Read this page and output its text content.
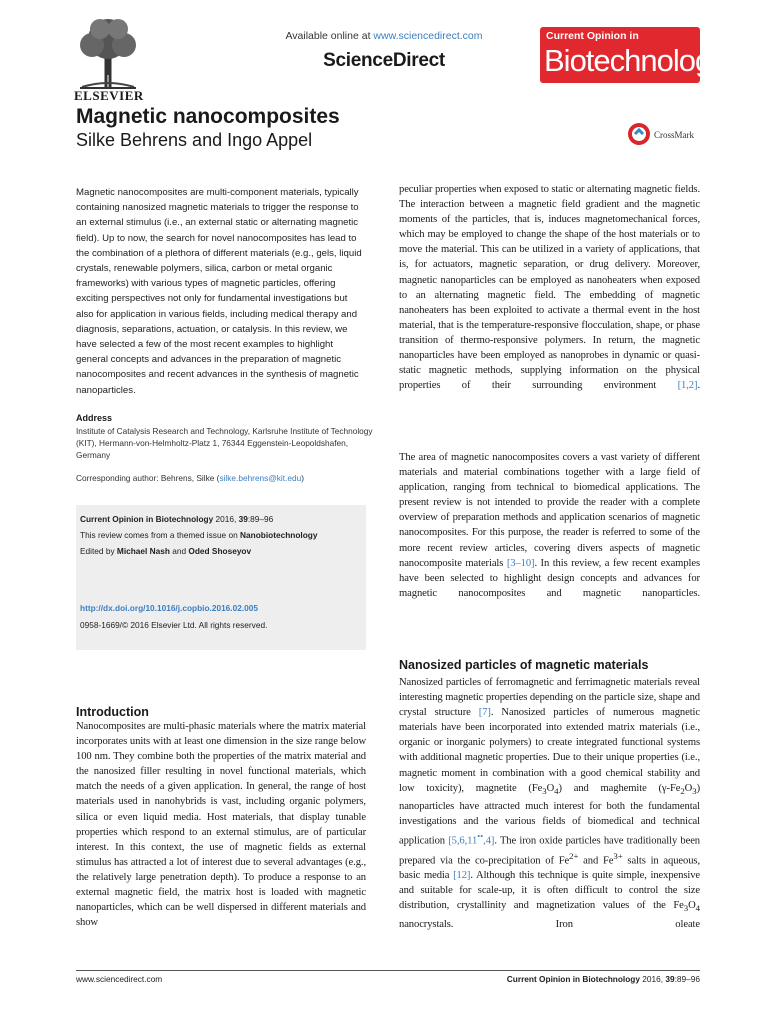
ELSEVIER
Available online at www.sciencedirect.com
ScienceDirect
Current Opinion in
Biotechnology
Magnetic nanocomposites
Silke Behrens and Ingo Appel	CrossMark
Magnetic nanocomposites are multi-component materials, typically containing nanosized magnetic materials to trigger the response to an external stimulus (i.e., an external static or alternating magnetic field). Up to now, the search for novel nanocomposites has lead to the combination of a plethora of different materials (e.g., gels, liquid crystals, renewable polymers, silica, carbon or metal organic frameworks) with various types of magnetic particles, offering exciting perspectives not only for fundamental investigations but also for application in various fields, including medical therapy and diagnosis, separations, actuation, or catalysis. In this review, we have selected a few of the most recent examples to highlight general concepts and advances in the preparation of magnetic nanocomposites and recent advances in the synthesis of magnetic nanoparticles.
Address
Institute of Catalysis Research and Technology, Karlsruhe Institute of Technology (KIT), Hermann-von-Helmholtz-Platz 1, 76344 Eggenstein-Leopoldshafen, Germany
Corresponding author: Behrens, Silke (silke.behrens@kit.edu)
Current Opinion in Biotechnology 2016, 39:89–96
This review comes from a themed issue on Nanobiotechnology
Edited by Michael Nash and Oded Shoseyov
http://dx.doi.org/10.1016/j.copbio.2016.02.005
0958-1669/© 2016 Elsevier Ltd. All rights reserved.
Introduction
Nanocomposites are multi-phasic materials where the matrix material incorporates units with at least one dimension in the size range below 100 nm. They combine both the properties of the matrix material and the nanosized filler resulting in novel functional materials, which match the needs of a given application. In general, the range of host materials used in nanohybrids is vast, including organic polymers, silica or even liquid media. Host materials, that display tunable properties which respond to an external stimulus, are of particular interest. In this context, the use of magnetic fields as external stimulus has attracted a lot of interest due to several advantages (e.g., the relatively large penetration depth). To produce a response to an external magnetic field, the matrix host is loaded with magnetic nanoparticles, which can be well dispersed in different materials and show
peculiar properties when exposed to static or alternating magnetic fields. The interaction between a magnetic field gradient and the magnetic moments of the particles, that is, induces magnetomechanical forces, which may be employed to change the shape of the host materials or to move the material. This can be utilized in a variety of applications, that is, for actuators, magnetic separation, or drug delivery. Moreover, magnetic nanoparticles can be employed as nanoheaters when exposed to an alternating magnetic field. The embedding of magnetic nanoheaters has been exploited to activate a thermal event in the host material, that is the temperature-responsive flocculation, shape, or phase transition of thermo-responsive polymers. In return, the magnetic nanoparticles have been employed as nanoprobes in dynamic or quasi-static magnetic methods, supplying information on the physical properties of their surrounding environment [1,2].
The area of magnetic nanocomposites covers a vast variety of different materials and material combinations together with a large field of application, ranging from technical to biomedical applications. The present review is not intended to provide the reader with a complete overview of preparation methods and application scenarios of magnetic nanocomposites. For this purpose, the reader is referred to some of the more recent review articles, covering divers aspects of magnetic nanocomposite materials [3–10]. In this review, a few recent examples have been selected to highlight design concepts and advances for magnetic nanocomposites and magnetic nanoparticles.
Nanosized particles of magnetic materials
Nanosized particles of ferromagnetic and ferrimagnetic materials reveal interesting magnetic properties depending on the particle size, shape and crystal structure [7]. Nanosized particles of numerous magnetic materials have been incorporated into extended matrix materials (i.e., organic or inorganic polymers) to create integrated functional systems with additional magnetic properties. Due to their unique properties (i.e., magnetic moment in combination with a good chemical stability and low toxicity), magnetite $(Fe_3O_4)$ and maghemite $(\gamma-Fe_2O_3)$ nanoparticles have attracted much interest for both the fundamental investigations and the various fields of biomedical and technical application [5,6,11••,4]. The iron oxide particles have traditionally been prepared via the co-precipitation of $Fe^{2+}$ and $Fe^{3+}$ salts in aqueous, basic media [12]. Although this technique is quite simple, inexpensive and suitable for scale-up, it is often difficult to control the size distribution, crystallinity and magnetization values of the $Fe_3O_4$ nanocrystals. Iron oleate
www.sciencedirect.com	Current Opinion in Biotechnology 2016, 39:89–96
